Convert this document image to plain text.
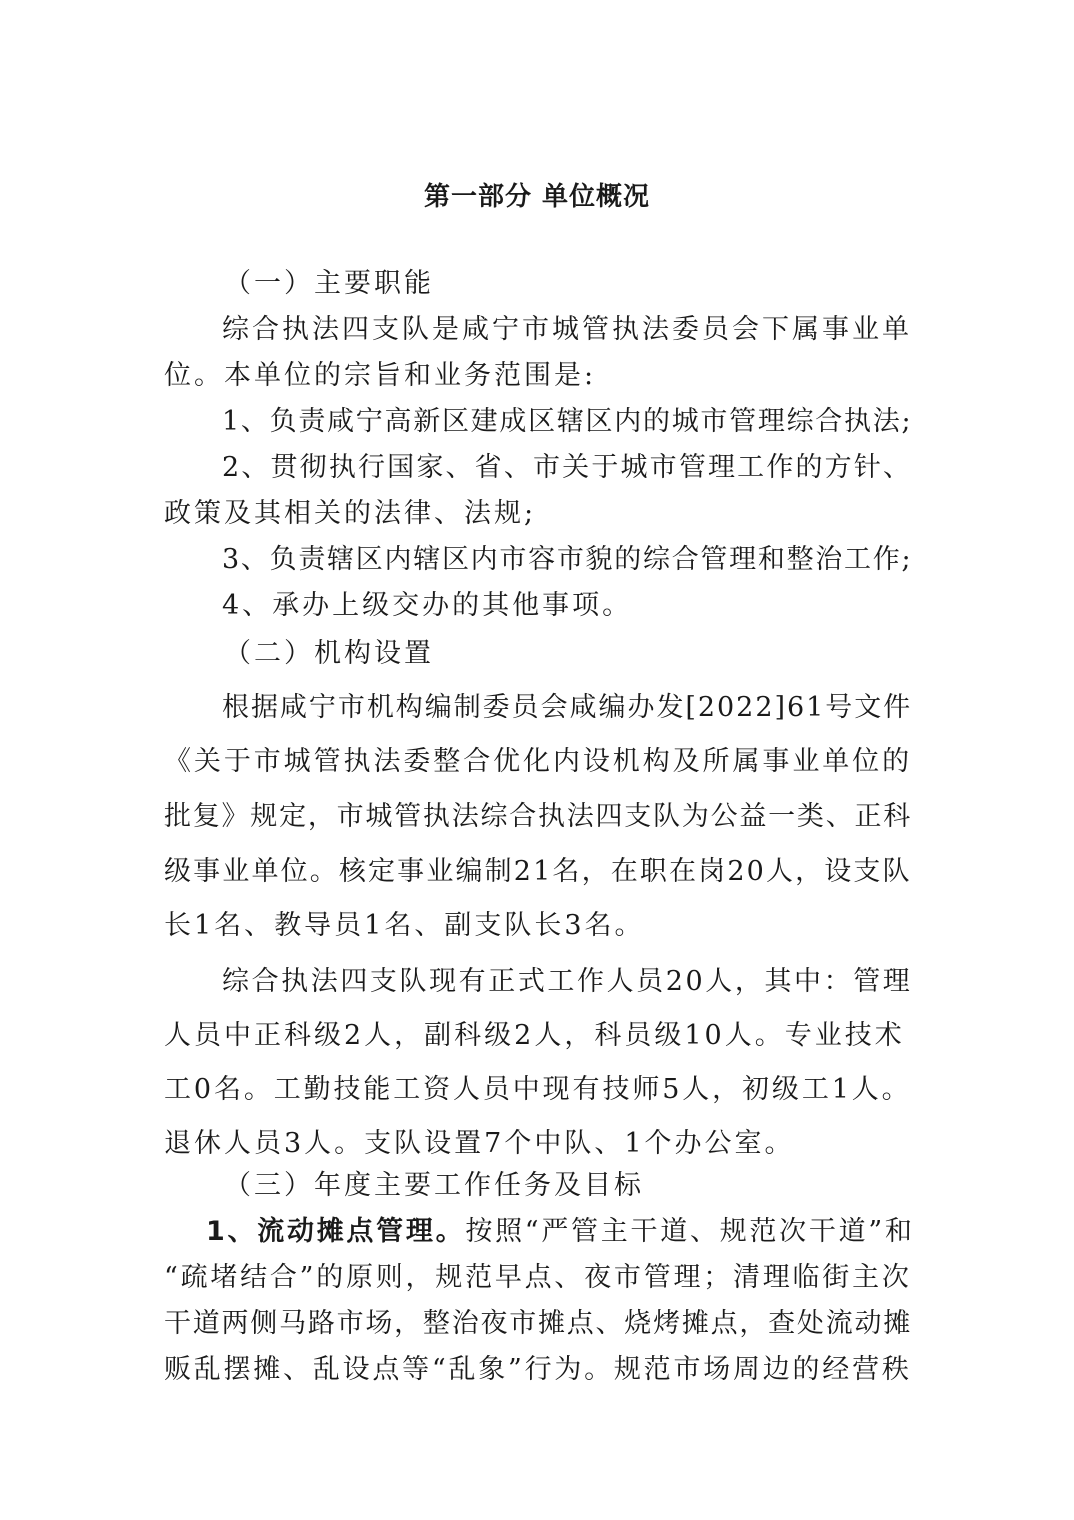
第一部分 单位概况
（一）主要职能
综合执法四支队是咸宁市城管执法委员会下属事业单
位。本单位的宗旨和业务范围是:
1、负责咸宁高新区建成区辖区内的城市管理综合执法;
2、贯彻执行国家、省、市关于城市管理工作的方针、
政策及其相关的法律、法规;
3、负责辖区内辖区内市容市貌的综合管理和整治工作;
4、承办上级交办的其他事项。
（二）机构设置
根据咸宁市机构编制委员会咸编办发[2022]61号文件
《关于市城管执法委整合优化内设机构及所属事业单位的
批复》规定，市城管执法综合执法四支队为公益一类、正科
级事业单位。核定事业编制21名，在职在岗20人，设支队
长1名、教导员1名、副支队长3名。
综合执法四支队现有正式工作人员20人，其中：管理
人员中正科级2人，副科级2人，科员级10人。专业技术
工0名。工勤技能工资人员中现有技师5人，初级工1人。
退休人员3人。支队设置7个中队、1个办公室。
（三）年度主要工作任务及目标
1、流动摊点管理。按照“严管主干道、规范次干道”和
“疏堵结合”的原则，规范早点、夜市管理；清理临街主次
干道两侧马路市场，整治夜市摊点、烧烤摊点，查处流动摊
贩乱摆摊、乱设点等“乱象”行为。规范市场周边的经营秩
